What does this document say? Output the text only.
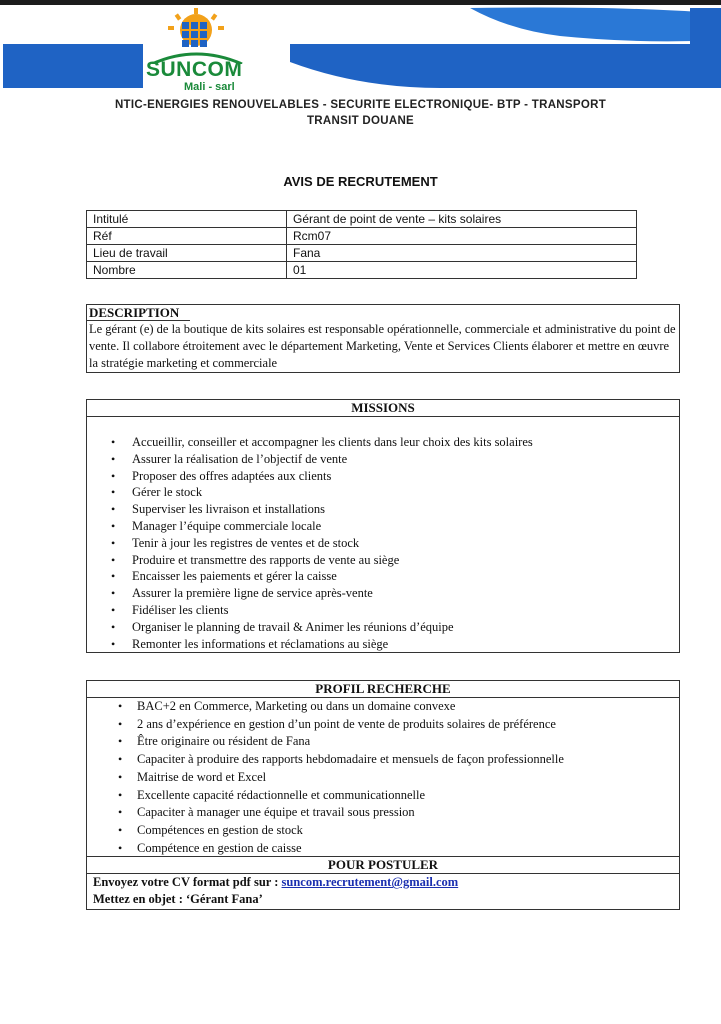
SUNCOM
Mali - sarl
NTIC-ENERGIES RENOUVELABLES - SECURITE ELECTRONIQUE- BTP - TRANSPORT
TRANSIT DOUANE
AVIS DE RECRUTEMENT
Intitulé	Gérant de point de vente – kits solaires
Réf	Rcm07
Lieu de travail	Fana
Nombre	01
DESCRIPTION
Le gérant (e) de la boutique de kits solaires est responsable opérationnelle, commerciale et administrative du point de vente. Il collabore étroitement avec le département Marketing, Vente et Services Clients élaborer et mettre en œuvre la stratégie marketing et commerciale
MISSIONS
• Accueillir, conseiller et accompagner les clients dans leur choix des kits solaires
• Assurer la réalisation de l’objectif de vente
• Proposer des offres adaptées aux clients
• Gérer le stock
• Superviser les livraison et installations
• Manager l’équipe commerciale locale
• Tenir à jour les registres de ventes et de stock
• Produire et transmettre des rapports de vente au siège
• Encaisser les paiements et gérer la caisse
• Assurer la première ligne de service après-vente
• Fidéliser les clients
• Organiser le planning de travail & Animer les réunions d’équipe
• Remonter les informations et réclamations au siège
PROFIL RECHERCHE
• BAC+2 en Commerce, Marketing ou dans un domaine convexe
• 2 ans d’expérience en gestion d’un point de vente de produits solaires de préférence
• Être originaire ou résident de Fana
• Capaciter à produire des rapports hebdomadaire et mensuels de façon professionnelle
• Maitrise de word et Excel
• Excellente capacité rédactionnelle et communicationnelle
• Capaciter à manager une équipe et travail sous pression
• Compétences en gestion de stock
• Compétence en gestion de caisse
POUR POSTULER
Envoyez votre CV format pdf sur : suncom.recrutement@gmail.com
Mettez en objet : ‘Gérant Fana’
